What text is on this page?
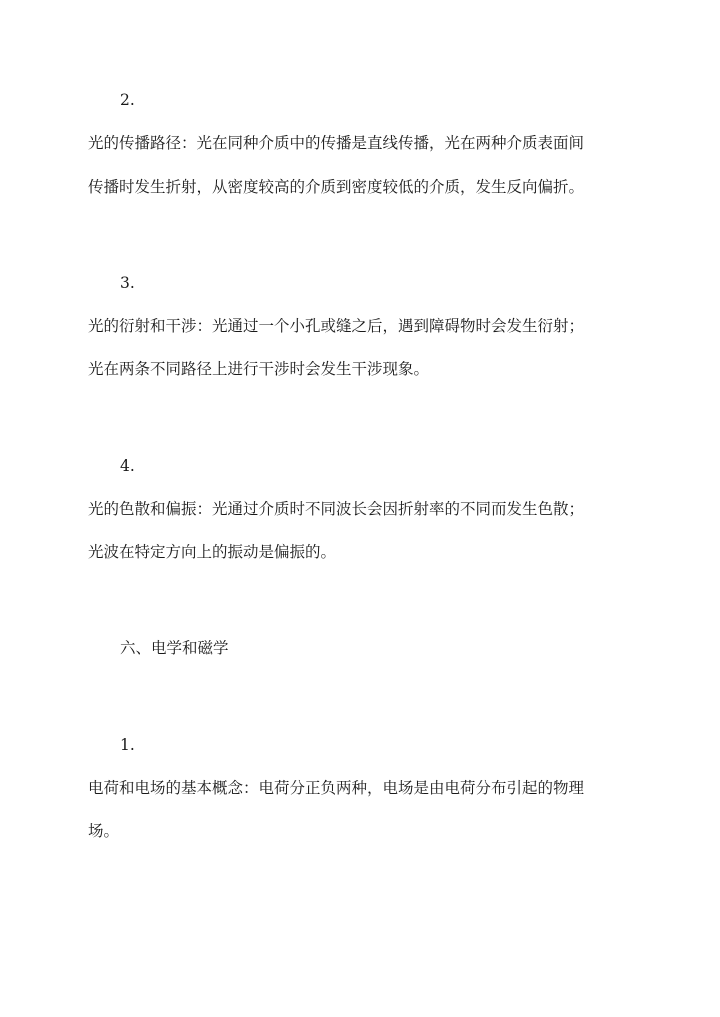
2.
光的传播路径：光在同种介质中的传播是直线传播，光在两种介质表面间
传播时发生折射，从密度较高的介质到密度较低的介质，发生反向偏折。
3.
光的衍射和干涉：光通过一个小孔或缝之后，遇到障碍物时会发生衍射；
光在两条不同路径上进行干涉时会发生干涉现象。
4.
光的色散和偏振：光通过介质时不同波长会因折射率的不同而发生色散；
光波在特定方向上的振动是偏振的。
六、电学和磁学
1.
电荷和电场的基本概念：电荷分正负两种，电场是由电荷分布引起的物理
场。
